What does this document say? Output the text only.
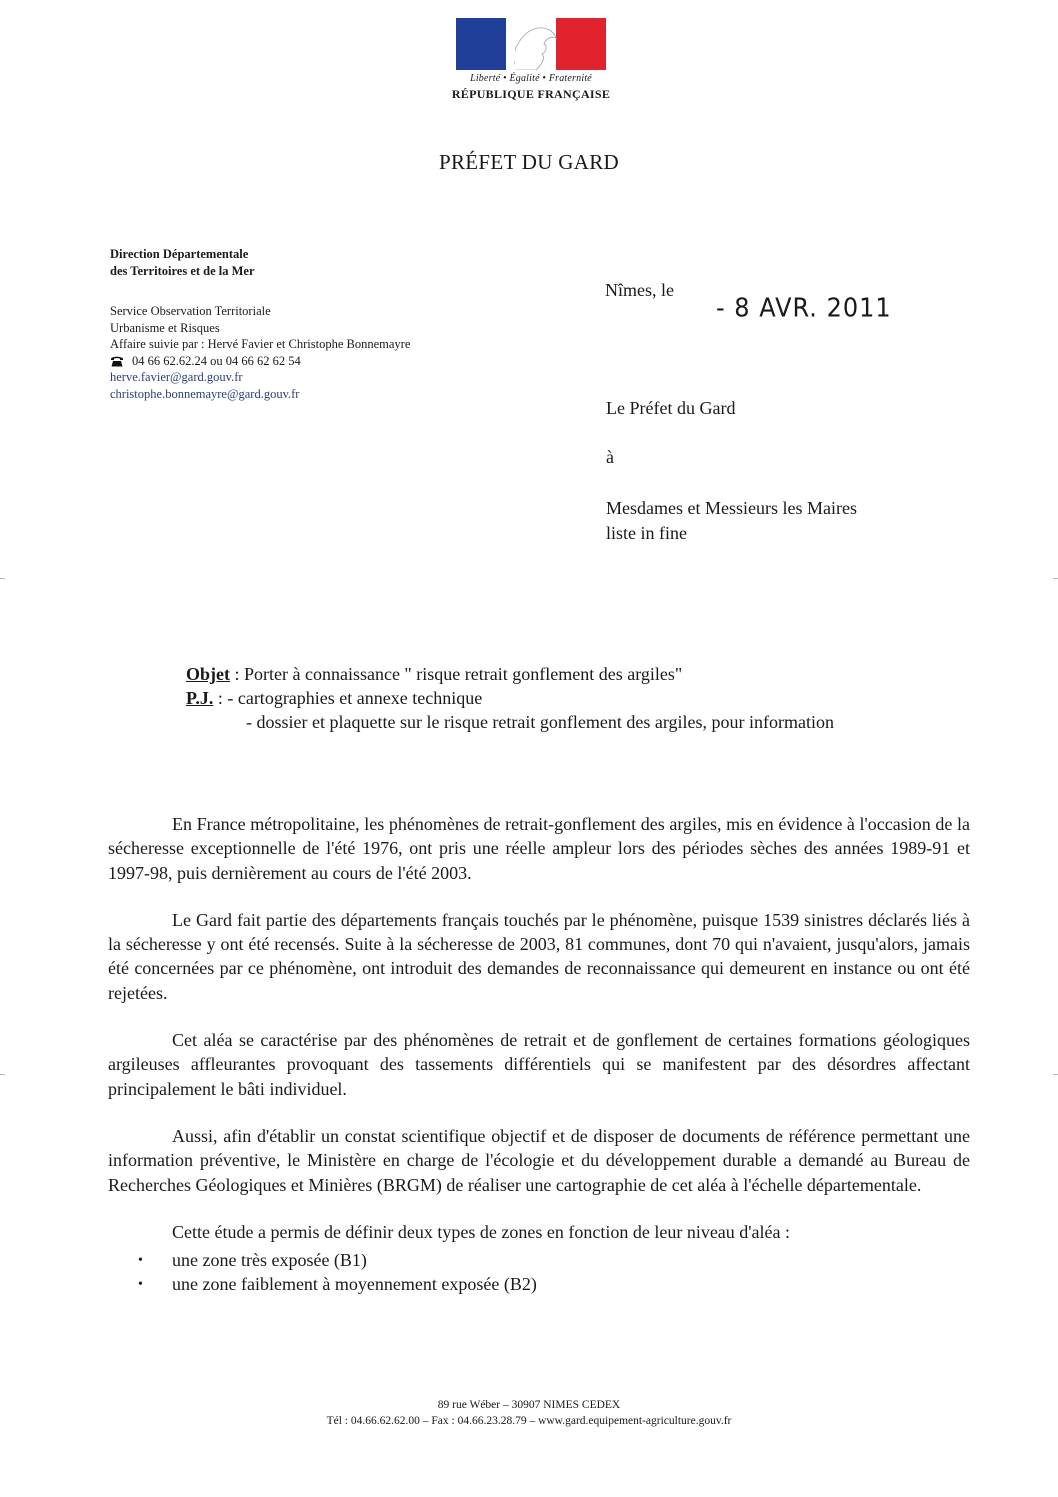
Liberté • Égalité • Fraternité
RÉPUBLIQUE FRANÇAISE
PRÉFET DU GARD
Direction Départementale
des Territoires et de la Mer
Service Observation Territoriale
Urbanisme et Risques
Affaire suivie par : Hervé Favier et Christophe Bonnemayre
04 66 62.62.24 ou 04 66 62 62 54
herve.favier@gard.gouv.fr
christophe.bonnemayre@gard.gouv.fr
Nîmes, le
- 8 AVR. 2011
Le Préfet du Gard
à
Mesdames et Messieurs les Maires
liste in fine
Objet : Porter à connaissance " risque retrait gonflement des argiles"
P.J. : - cartographies et annexe technique
- dossier et plaquette sur le risque retrait gonflement des argiles, pour information

En France métropolitaine, les phénomènes de retrait-gonflement des argiles, mis en évidence à l'occasion de la sécheresse exceptionnelle de l'été 1976, ont pris une réelle ampleur lors des périodes sèches des années 1989-91 et 1997-98, puis dernièrement au cours de l'été 2003.

Le Gard fait partie des départements français touchés par le phénomène, puisque 1539 sinistres déclarés liés à la sécheresse y ont été recensés. Suite à la sécheresse de 2003, 81 communes, dont 70 qui n'avaient, jusqu'alors, jamais été concernées par ce phénomène, ont introduit des demandes de reconnaissance qui demeurent en instance ou ont été rejetées.

Cet aléa se caractérise par des phénomènes de retrait et de gonflement de certaines formations géologiques argileuses affleurantes provoquant des tassements différentiels qui se manifestent par des désordres affectant principalement le bâti individuel.

Aussi, afin d'établir un constat scientifique objectif et de disposer de documents de référence permettant une information préventive, le Ministère en charge de l'écologie et du développement durable a demandé au Bureau de Recherches Géologiques et Minières (BRGM) de réaliser une cartographie de cet aléa à l'échelle départementale.

Cette étude a permis de définir deux types de zones en fonction de leur niveau d'aléa :

• une zone très exposée (B1)
• une zone faiblement à moyennement exposée (B2)
89 rue Wéber – 30907 NIMES CEDEX
Tél : 04.66.62.62.00 – Fax : 04.66.23.28.79 – www.gard.equipement-agriculture.gouv.fr
